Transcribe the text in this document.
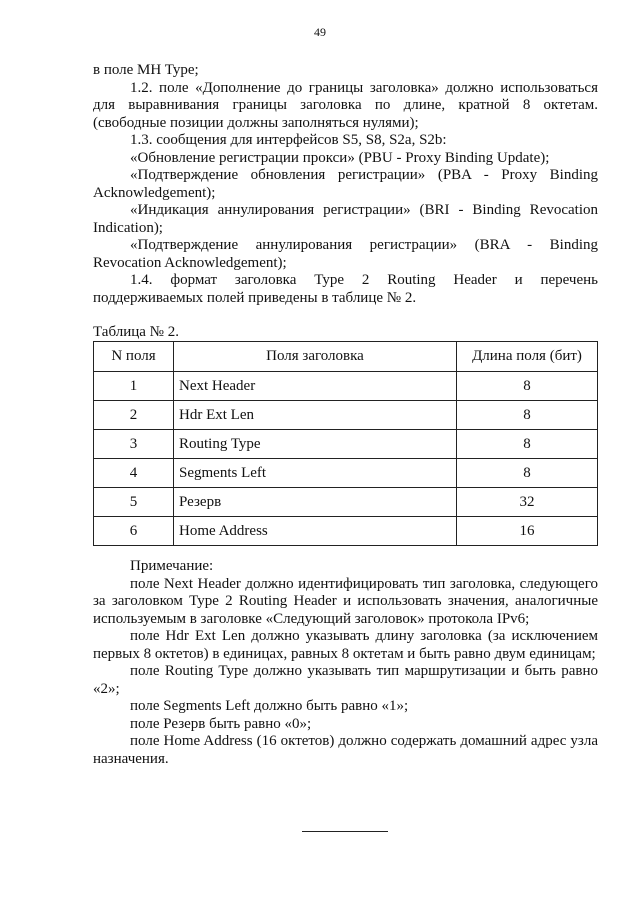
49

в поле MH Type;

1.2. поле «Дополнение до границы заголовка» должно использоваться для выравнивания границы заголовка по длине, кратной 8 октетам. (свободные позиции должны заполняться нулями);

1.3. сообщения для интерфейсов S5, S8, S2a, S2b:

«Обновление регистрации прокси» (PBU - Proxy Binding Update);

«Подтверждение обновления регистрации» (PBA - Proxy Binding Acknowledgement);

«Индикация аннулирования регистрации» (BRI - Binding Revocation Indication);

«Подтверждение аннулирования регистрации» (BRA - Binding Revocation Acknowledgement);

1.4. формат заголовка Type 2 Routing Header и перечень поддерживаемых полей приведены в таблице № 2.

Таблица № 2.
N поля	Поля заголовка	Длина поля (бит)
1	Next Header	8
2	Hdr Ext Len	8
3	Routing Type	8
4	Segments Left	8
5	Резерв	32
6	Home Address	16

Примечание:

поле Next Header должно идентифицировать тип заголовка, следующего за заголовком Type 2 Routing Header и использовать значения, аналогичные используемым в заголовке «Следующий заголовок» протокола IPv6;

поле Hdr Ext Len должно указывать длину заголовка (за исключением первых 8 октетов) в единицах, равных 8 октетам и быть равно двум единицам;

поле Routing Type должно указывать тип маршрутизации и быть равно «2»;

поле Segments Left должно быть равно «1»;

поле Резерв быть равно «0»;

поле Home Address (16 октетов) должно содержать домашний адрес узла назначения.
